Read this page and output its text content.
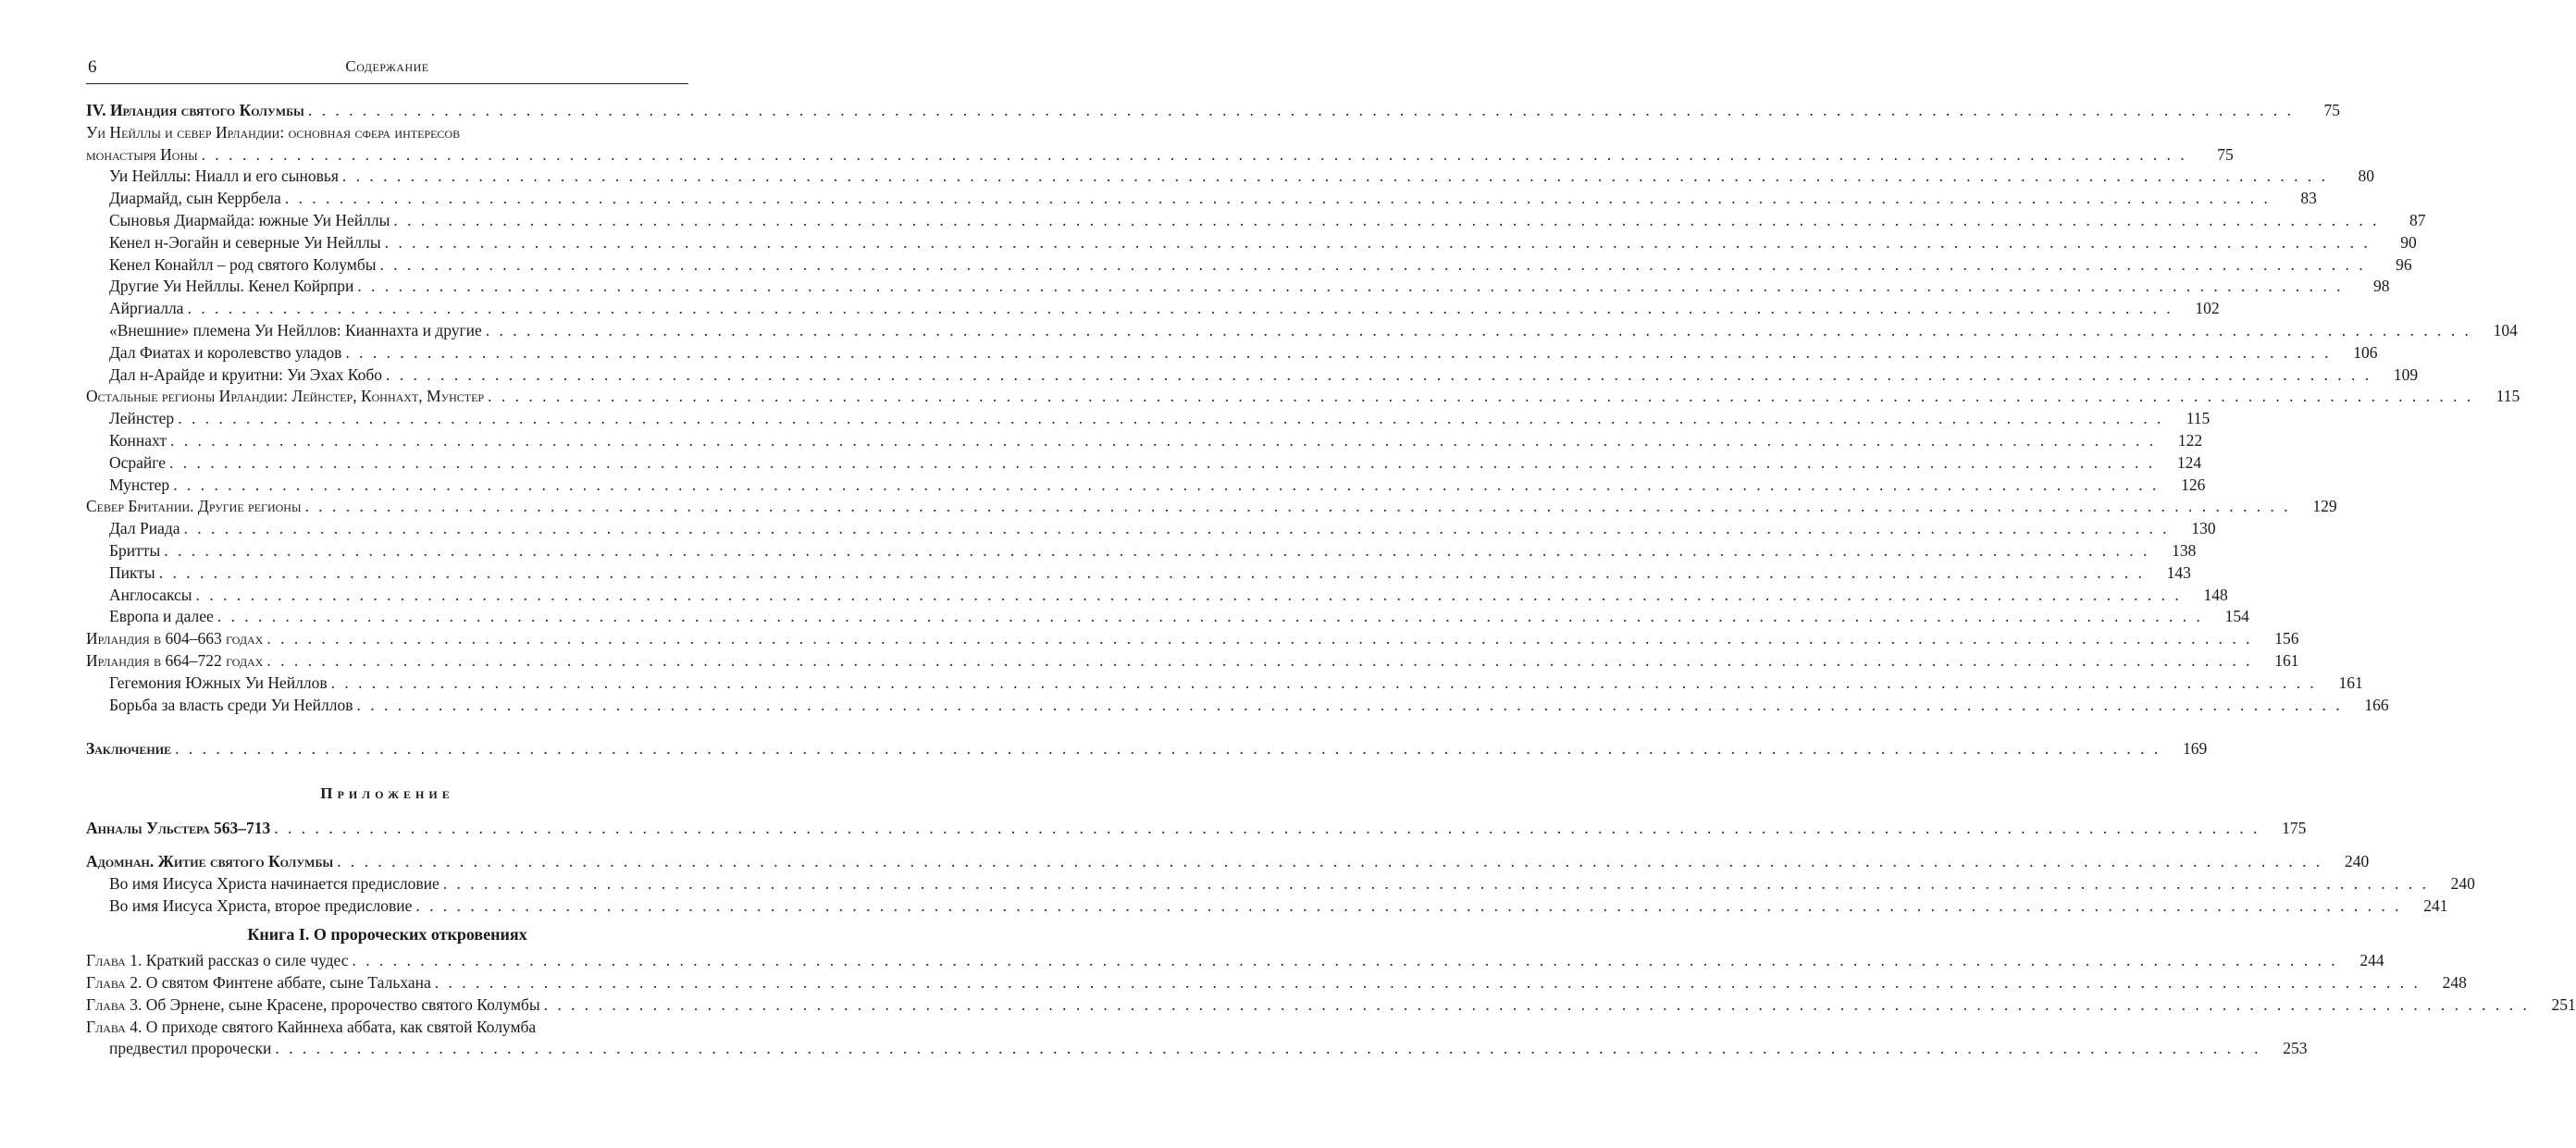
6	Содержание
IV. Ирландия святого Колумбы . . .	75
Уи Нейллы и север Ирландии: основная сфера интересов
монастыря Ионы . . .	75
Уи Нейллы: Ниалл и его сыновья . . .	80
Диармайд, сын Керрбела . . .	83
Сыновья Диармайда: южные Уи Нейллы . . .	87
Кенел н-Эогайн и северные Уи Нейллы . . .	90
Кенел Конайлл – род святого Колумбы . . .	96
Другие Уи Нейллы. Кенел Койрпри . . .	98
Айргиалла . . .	102
«Внешние» племена Уи Нейллов: Кианнахта и другие . . .	104
Дал Фиатах и королевство уладов . . .	106
Дал н-Арайде и круитни: Уи Эхах Кобо . . .	109
Остальные регионы Ирландии: Лейнстер, Коннахт, Мунстер . . .	115
Лейнстер . . .	115
Коннахт . . .	122
Осрайге . . .	124
Мунстер . . .	126
Север Британии. Другие регионы . . .	129
Дал Риада . . .	130
Бритты . . .	138
Пикты . . .	143
Англосаксы . . .	148
Европа и далее . . .	154
Ирландия в 604–663 годах . . .	156
Ирландия в 664–722 годах . . .	161
Гегемония Южных Уи Нейллов . . .	161
Борьба за власть среди Уи Нейллов . . .	166
Заключение . . .	169
Приложение
Анналы Ульстера 563–713 . . .	175
Адомнан. Житие святого Колумбы . . .	240
Во имя Иисуса Христа начинается предисловие . . .	240
Во имя Иисуса Христа, второе предисловие . . .	241
Книга I. О пророческих откровениях
Глава 1. Краткий рассказ о силе чудес . . .	244
Глава 2. О святом Финтене аббате, сыне Тальхана . . .	248
Глава 3. Об Эрнене, сыне Красене, пророчество святого Колумбы . . .	251
Глава 4. О приходе святого Кайннеха аббата, как святой Колумба
предвестил пророчески . . .	253
